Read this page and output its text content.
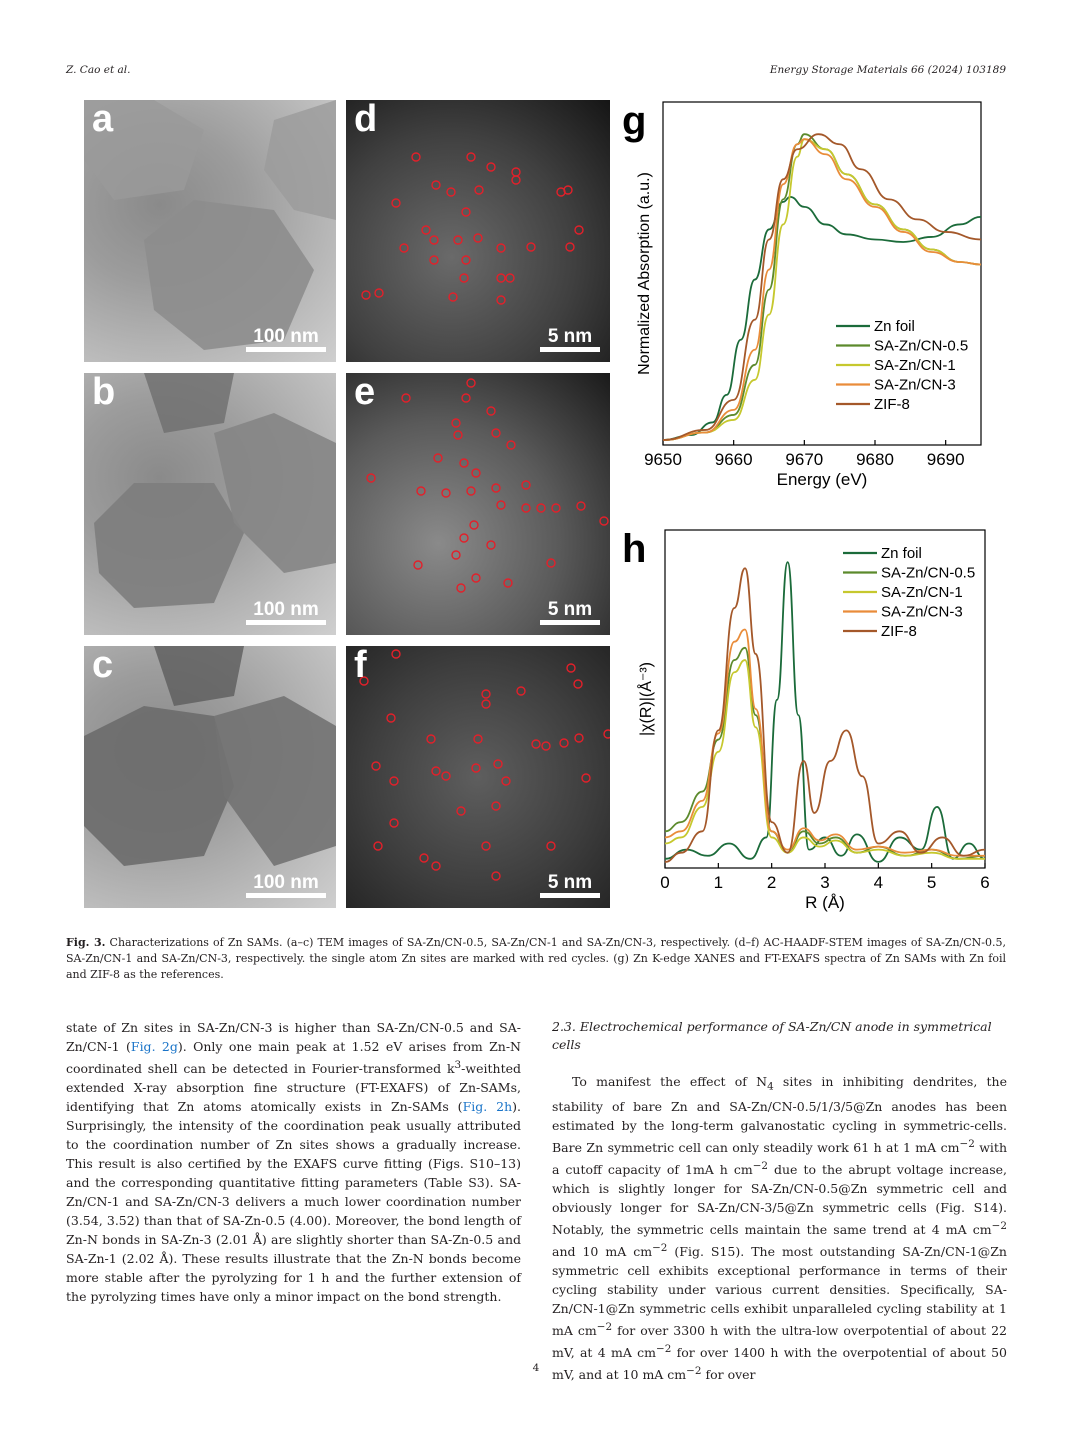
Z. Cao et al.	Energy Storage Materials 66 (2024) 103189
a
100 nm
b
100 nm
c
100 nm
d
5 nm
e
5 nm
f
5 nm
9650 9660 9670 9680 9690
Energy (eV)
Normalized Absorption (a.u.)
g
Zn foil
SA-Zn/CN-0.5
SA-Zn/CN-1
SA-Zn/CN-3
ZIF-8
0	1	2	3	4	5	6
R (Å)
|χ(R)|(Å⁻³)
h	Zn foil
SA-Zn/CN-0.5
SA-Zn/CN-1
SA-Zn/CN-3
ZIF-8
Fig. 3. Characterizations of Zn SAMs. (a–c) TEM images of SA-Zn/CN-0.5, SA-Zn/CN-1 and SA-Zn/CN-3, respectively. (d–f) AC-HAADF-STEM images of SA-Zn/CN-0.5, SA-Zn/CN-1 and SA-Zn/CN-3, respectively. the single atom Zn sites are marked with red cycles. (g) Zn K-edge XANES and FT-EXAFS spectra of Zn SAMs with Zn foil and ZIF-8 as the references.

state of Zn sites in SA-Zn/CN-3 is higher than SA-Zn/CN-0.5 and SA-Zn/CN-1 (Fig. 2g). Only one main peak at 1.52 eV arises from Zn-N coordinated shell can be detected in Fourier-transformed $k^3$-weithted extended X-ray absorption fine structure (FT-EXAFS) of Zn-SAMs, identifying that Zn atoms atomically exists in Zn-SAMs (Fig. 2h). Surprisingly, the intensity of the coordination peak usually attributed to the coordination number of Zn sites shows a gradually increase. This result is also certified by the EXAFS curve fitting (Figs. S10–13) and the corresponding quantitative fitting parameters (Table S3). SA-Zn/CN-1 and SA-Zn/CN-3 delivers a much lower coordination number (3.54, 3.52) than that of SA-Zn-0.5 (4.00). Moreover, the bond length of Zn-N bonds in SA-Zn-3 (2.01 Å) are slightly shorter than SA-Zn-0.5 and SA-Zn-1 (2.02 Å). These results illustrate that the Zn-N bonds become more stable after the pyrolyzing for 1 h and the further extension of the pyrolyzing times have only a minor impact on the bond strength.

2.3. Electrochemical performance of SA-Zn/CN anode in symmetrical cells

To manifest the effect of $N_4$ sites in inhibiting dendrites, the stability of bare Zn and SA-Zn/CN-0.5/1/3/5@Zn anodes has been estimated by the long-term galvanostatic cycling in symmetric-cells. Bare Zn symmetric cell can only steadily work 61 h at 1 mA $cm^{-2}$ with a cutoff capacity of 1mA h $cm^{-2}$ due to the abrupt voltage increase, which is slightly longer for SA-Zn/CN-0.5@Zn symmetric cell and obviously longer for SA-Zn/CN-3/5@Zn symmetric cells (Fig. S14). Notably, the symmetric cells maintain the same trend at 4 mA $cm^{-2}$ and 10 mA $cm^{-2}$ (Fig. S15). The most outstanding SA-Zn/CN-1@Zn symmetric cell exhibits exceptional performance in terms of their cycling stability under various current densities. Specifically, SA-Zn/CN-1@Zn symmetric cells exhibit unparalleled cycling stability at 1 mA $cm^{-2}$ for over 3300 h with the ultra-low overpotential of about 22 mV, at 4 mA $cm^{-2}$ for over 1400 h with the overpotential of about 50 mV, and at 10 mA $cm^{-2}$ for over

4
